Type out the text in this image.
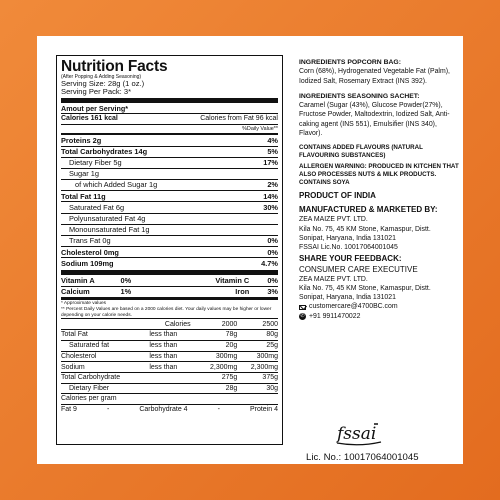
Nutrition Facts
(After Popping & Adding Seasoning)
Serving Size: 28g (1 oz.)
Serving Per Pack: 3*
Amout per Serving*
Calories 161 kcal	Calories from Fat 96 kcal
%Daily Value**
Proteins 2g	4%
Total Carbohydrates 14g	5%
Dietary Fiber 5g	17%
Sugar 1g
of which Added Sugar 1g	2%
Total Fat 11g	14%
Saturated Fat 6g	30%
Polyunsaturated Fat 4g
Monounsaturated Fat 1g
Trans Fat 0g	0%
Cholesterol 0mg	0%
Sodium 109mg	4.7%
Vitamin A	0%	Vitamin C	0%
Calcium	1%	Iron	3%
* Approximate values
** Percent Daily Values are based on a 2000 calories diet. Your daily values may be higher or lower depending on your calorie needs.
	Calories	2000	2500
Total Fat	less than	78g	80g
Saturated fat	less than	20g	25g
Cholesterol	less than	300mg	300mg
Sodium	less than	2,300mg	2,300mg
Total Carbohydrate		275g	375g
Dietary Fiber		28g	30g
Calories per gram
Fat 9	-	Carbohydrate 4	-	Protein 4
INGREDIENTS POPCORN BAG:
Corn (68%), Hydrogenated Vegetable Fat (Palm), Iodized Salt, Rosemary Extract (INS 392).
INGREDIENTS SEASONING SACHET:
Caramel (Sugar (43%), Glucose Powder(27%), Fructose Powder, Maltodextrin, Iodized Salt, Anti-caking agent (INS 551), Emulsifier (INS 340), Flavor).
CONTAINS ADDED FLAVOURS (NATURAL FLAVOURING SUBSTANCES)
ALLERGEN WARNING: PRODUCED IN KITCHEN THAT ALSO PROCESSES NUTS & MILK PRODUCTS. CONTAINS SOYA
PRODUCT OF INDIA
MANUFACTURED & MARKETED BY:
ZEA MAIZE PVT. LTD.
Kila No. 75, 45 KM Stone, Kamaspur, Distt.
Sonipat, Haryana, India 131021
FSSAI Lic.No. 10017064001045
SHARE YOUR FEEDBACK:
CONSUMER CARE EXECUTIVE
ZEA MAIZE PVT. LTD.
Kila No. 75, 45 KM Stone, Kamaspur, Distt.
Sonipat, Haryana, India 131021
customercare@4700BC.com
✆ +91 9911470022
fssai
Lic. No.: 10017064001045
